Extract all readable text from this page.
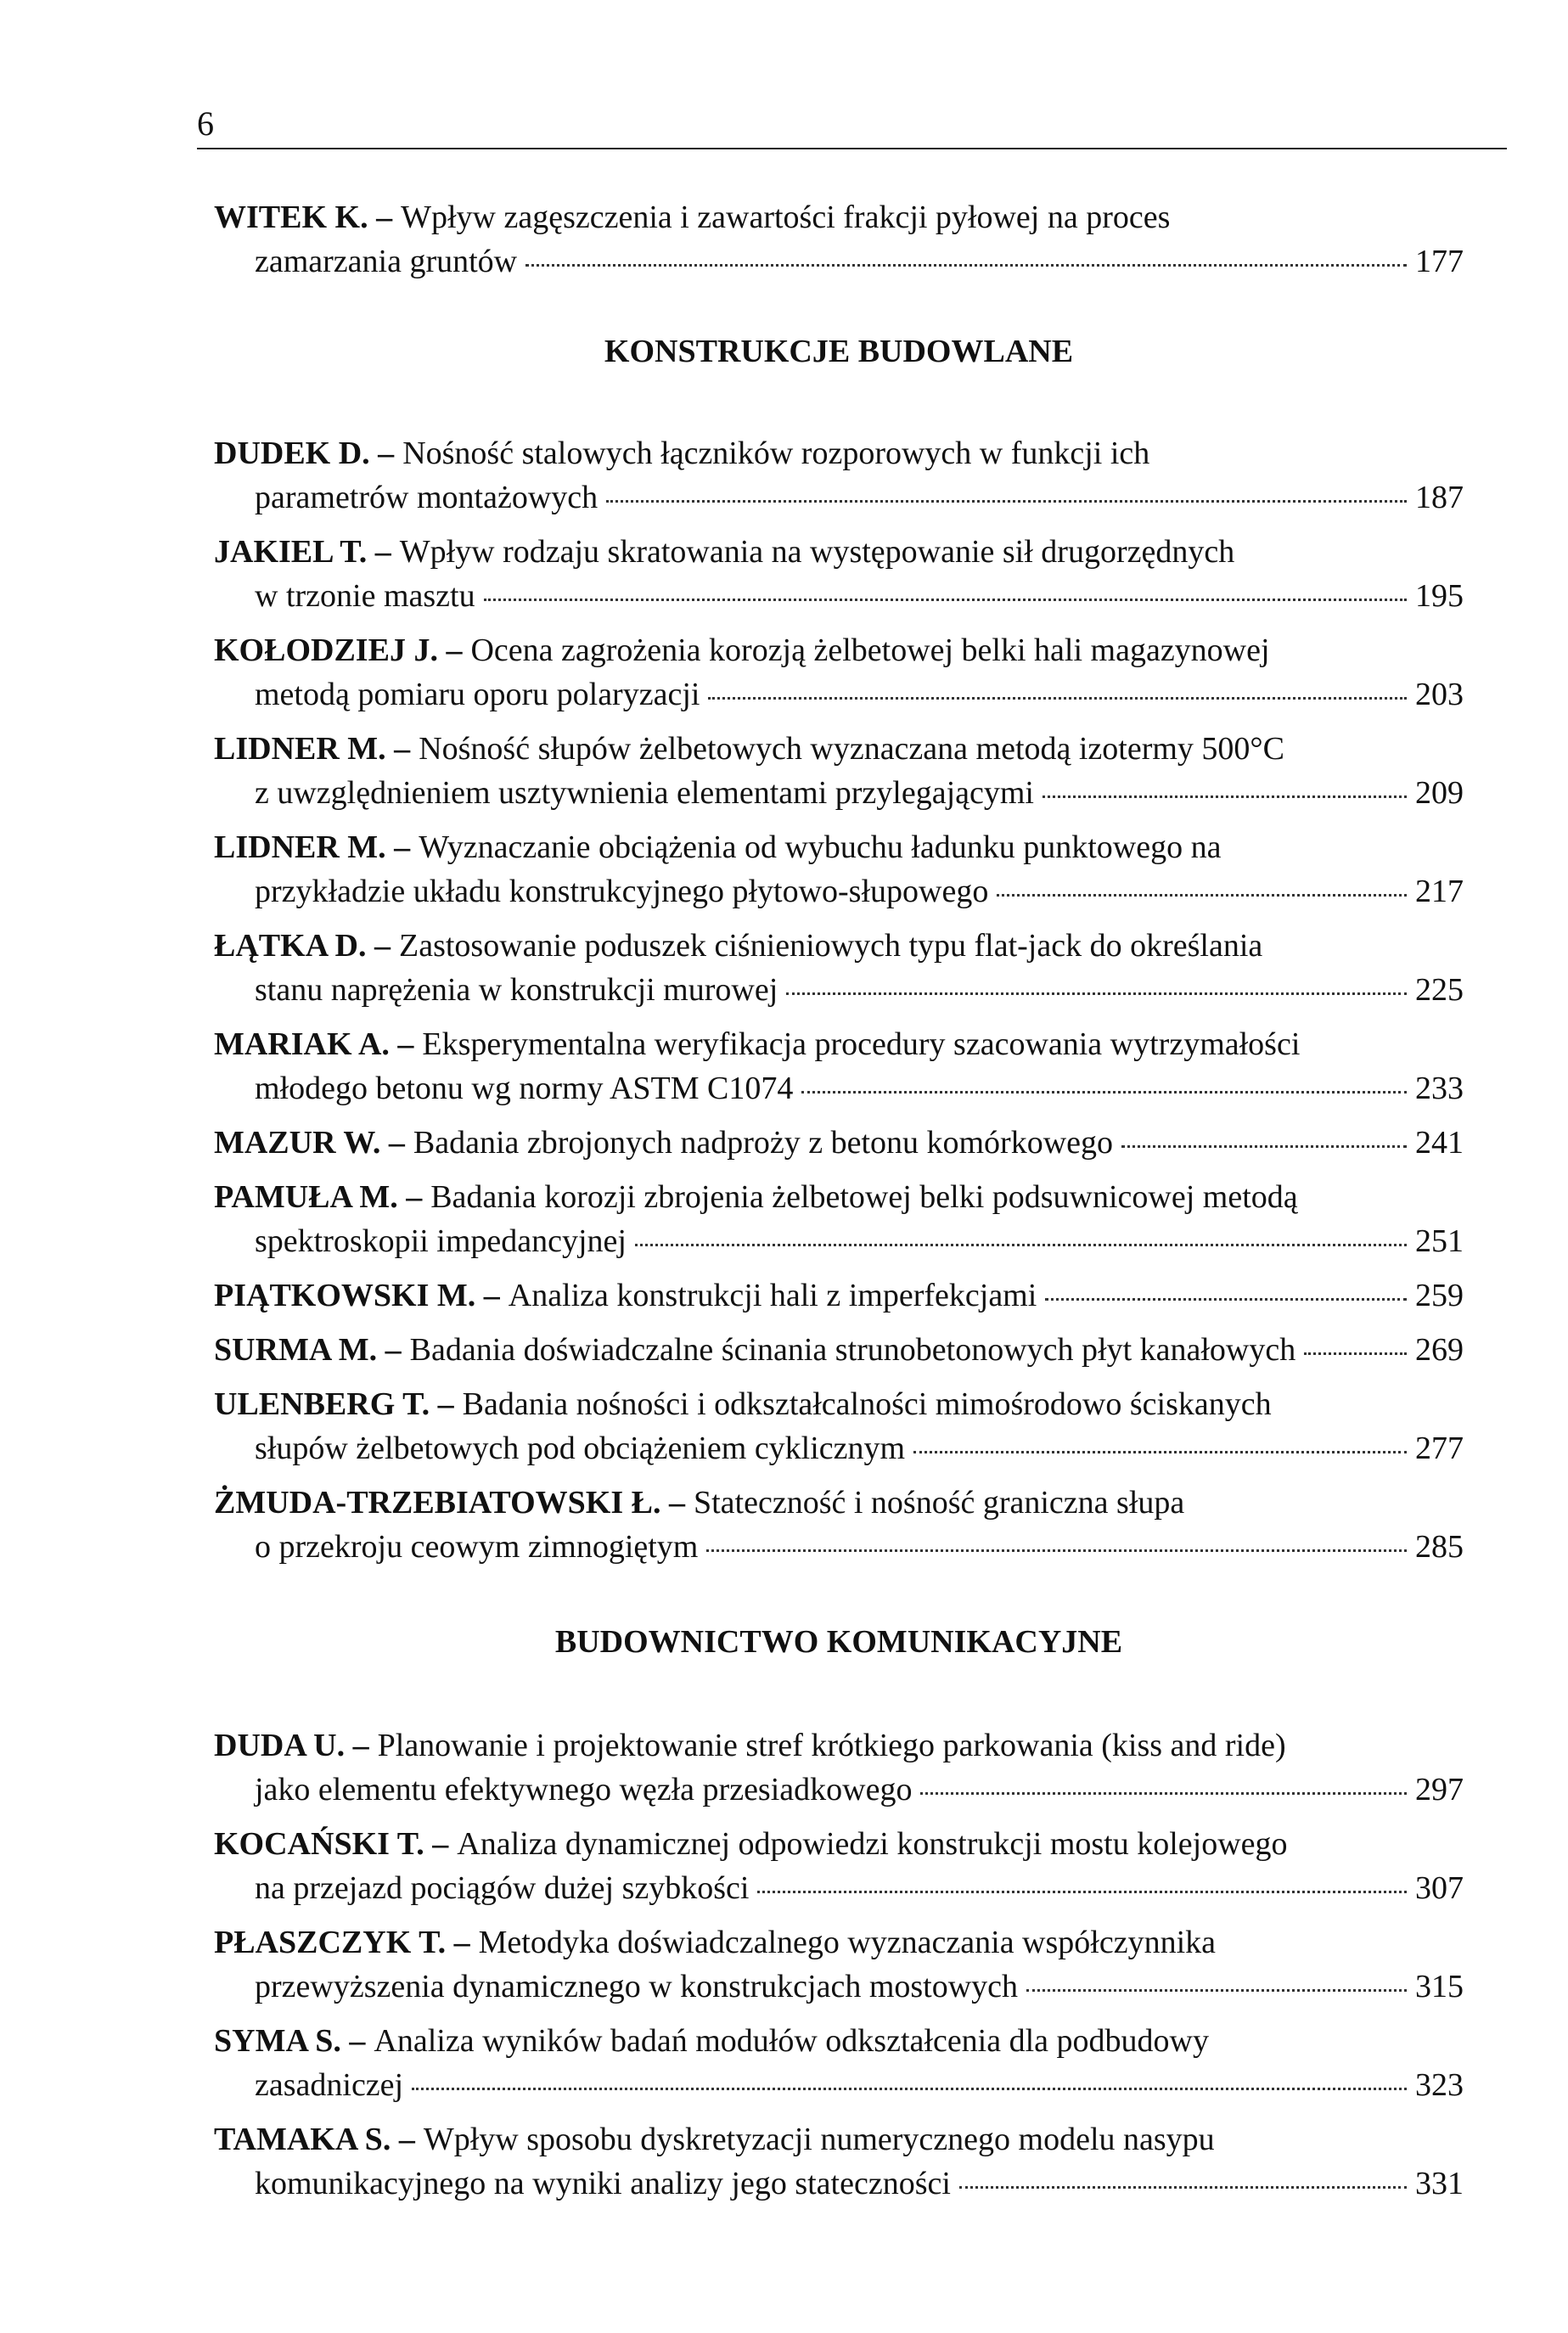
6
WITEK K. – Wpływ zagęszczenia i zawartości frakcji pyłowej na proces
zamarzania gruntów	177
KONSTRUKCJE BUDOWLANE
DUDEK D. – Nośność stalowych łączników rozporowych w funkcji ich
parametrów montażowych	187
JAKIEL T. – Wpływ rodzaju skratowania na występowanie sił drugorzędnych
w trzonie masztu	195
KOŁODZIEJ J. – Ocena zagrożenia korozją żelbetowej belki hali magazynowej
metodą pomiaru oporu polaryzacji	203
LIDNER M. – Nośność słupów żelbetowych wyznaczana metodą izotermy 500°C
z uwzględnieniem usztywnienia elementami przylegającymi	209
LIDNER M. – Wyznaczanie obciążenia od wybuchu ładunku punktowego na
przykładzie układu konstrukcyjnego płytowo-słupowego	217
ŁĄTKA D. – Zastosowanie poduszek ciśnieniowych typu flat-jack do określania
stanu naprężenia w konstrukcji murowej	225
MARIAK A. – Eksperymentalna weryfikacja procedury szacowania wytrzymałości
młodego betonu wg normy ASTM C1074	233
MAZUR W. – Badania zbrojonych nadproży z betonu komórkowego	241
PAMUŁA M. – Badania korozji zbrojenia żelbetowej belki podsuwnicowej metodą
spektroskopii impedancyjnej	251
PIĄTKOWSKI M. – Analiza konstrukcji hali z imperfekcjami	259
SURMA M. – Badania doświadczalne ścinania strunobetonowych płyt kanałowych	269
ULENBERG T. – Badania nośności i odkształcalności mimośrodowo ściskanych
słupów żelbetowych pod obciążeniem cyklicznym	277
ŻMUDA-TRZEBIATOWSKI Ł. – Stateczność i nośność graniczna słupa
o przekroju ceowym zimnogiętym	285
BUDOWNICTWO KOMUNIKACYJNE
DUDA U. – Planowanie i projektowanie stref krótkiego parkowania (kiss and ride)
jako elementu efektywnego węzła przesiadkowego	297
KOCAŃSKI T. – Analiza dynamicznej odpowiedzi konstrukcji mostu kolejowego
na przejazd pociągów dużej szybkości	307
PŁASZCZYK T. – Metodyka doświadczalnego wyznaczania współczynnika
przewyższenia dynamicznego w konstrukcjach mostowych	315
SYMA S. – Analiza wyników badań modułów odkształcenia dla podbudowy
zasadniczej	323
TAMAKA S. – Wpływ sposobu dyskretyzacji numerycznego modelu nasypu
komunikacyjnego na wyniki analizy jego stateczności	331
